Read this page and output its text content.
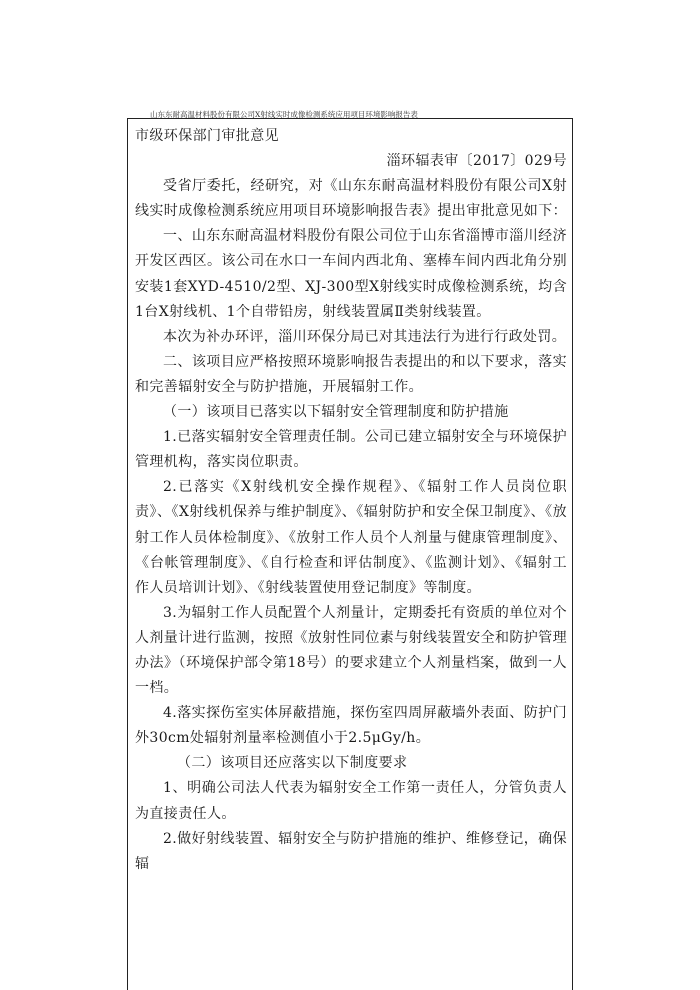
山东东耐高温材料股份有限公司X射线实时成像检测系统应用项目环境影响报告表

市级环保部门审批意见

淄环辐表审〔2017〕029号

受省厅委托，经研究，对《山东东耐高温材料股份有限公司X射线实时成像检测系统应用项目环境影响报告表》提出审批意见如下：

一、山东东耐高温材料股份有限公司位于山东省淄博市淄川经济开发区西区。该公司在水口一车间内西北角、塞棒车间内西北角分别安装1套XYD-4510/2型、XJ-300型X射线实时成像检测系统，均含1台X射线机、1个自带铅房，射线装置属Ⅱ类射线装置。

本次为补办环评，淄川环保分局已对其违法行为进行行政处罚。

二、该项目应严格按照环境影响报告表提出的和以下要求，落实和完善辐射安全与防护措施，开展辐射工作。

（一）该项目已落实以下辐射安全管理制度和防护措施

1.已落实辐射安全管理责任制。公司已建立辐射安全与环境保护管理机构，落实岗位职责。

2.已落实《X射线机安全操作规程》、《辐射工作人员岗位职责》、《X射线机保养与维护制度》、《辐射防护和安全保卫制度》、《放射工作人员体检制度》、《放射工作人员个人剂量与健康管理制度》、《台帐管理制度》、《自行检查和评估制度》、《监测计划》、《辐射工作人员培训计划》、《射线装置使用登记制度》等制度。

3.为辐射工作人员配置个人剂量计，定期委托有资质的单位对个人剂量计进行监测，按照《放射性同位素与射线装置安全和防护管理办法》（环境保护部令第18号）的要求建立个人剂量档案，做到一人一档。

4.落实探伤室实体屏蔽措施，探伤室四周屏蔽墙外表面、防护门外30cm处辐射剂量率检测值小于2.5μGy/h。

（二）该项目还应落实以下制度要求

1、明确公司法人代表为辐射安全工作第一责任人，分管负责人为直接责任人。

2.做好射线装置、辐射安全与防护措施的维护、维修登记，确保辐
